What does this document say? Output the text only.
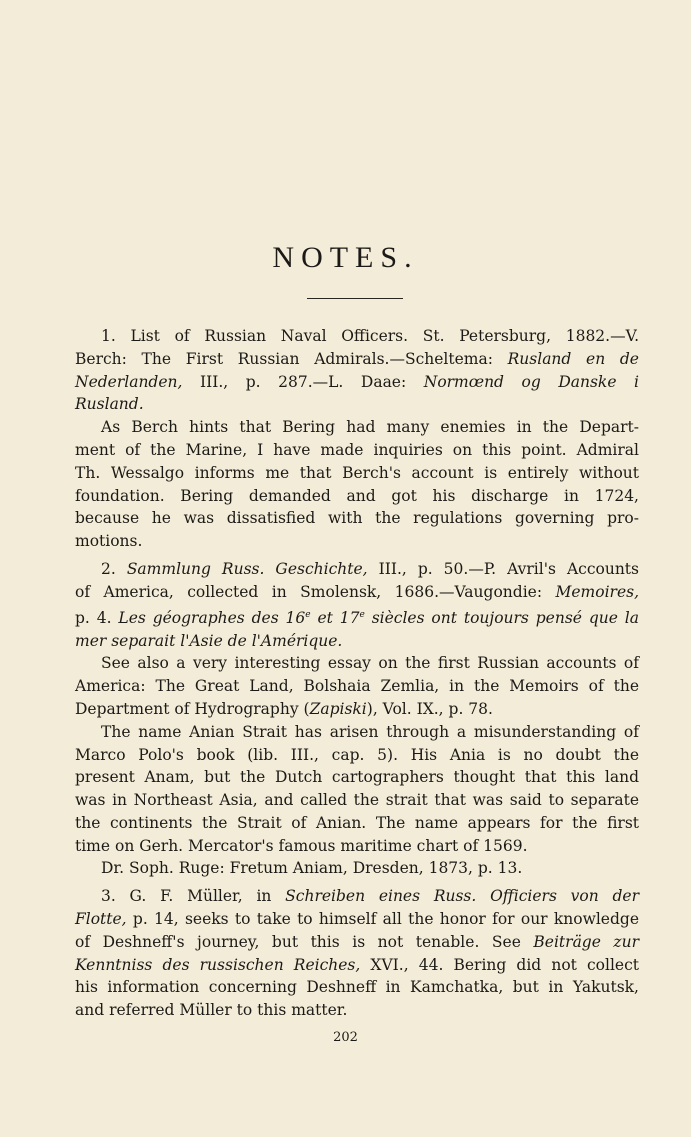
NOTES.
1. List of Russian Naval Officers. St. Petersburg, 1882.—V.
Berch: The First Russian Admirals.—Scheltema: Rusland en de
Nederlanden, III., p. 287.—L. Daae: Normœnd og Danske i
Rusland.
As Berch hints that Bering had many enemies in the Depart-
ment of the Marine, I have made inquiries on this point. Admiral
Th. Wessalgo informs me that Berch's account is entirely without
foundation. Bering demanded and got his discharge in 1724,
because he was dissatisfied with the regulations governing pro-
motions.
2. Sammlung Russ. Geschichte, III., p. 50.—P. Avril's Accounts
of America, collected in Smolensk, 1686.—Vaugondie: Memoires,
p. 4. Les géographes des 16e et 17e siècles ont toujours pensé que la
mer separait l'Asie de l'Amérique.
See also a very interesting essay on the first Russian accounts of
America: The Great Land, Bolshaia Zemlia, in the Memoirs of the
Department of Hydrography (Zapiski), Vol. IX., p. 78.
The name Anian Strait has arisen through a misunderstanding of
Marco Polo's book (lib. III., cap. 5). His Ania is no doubt the
present Anam, but the Dutch cartographers thought that this land
was in Northeast Asia, and called the strait that was said to separate
the continents the Strait of Anian. The name appears for the first
time on Gerh. Mercator's famous maritime chart of 1569.
Dr. Soph. Ruge: Fretum Aniam, Dresden, 1873, p. 13.
3. G. F. Müller, in Schreiben eines Russ. Officiers von der
Flotte, p. 14, seeks to take to himself all the honor for our knowledge
of Deshneff's journey, but this is not tenable. See Beiträge zur
Kenntniss des russischen Reiches, XVI., 44. Bering did not collect
his information concerning Deshneff in Kamchatka, but in Yakutsk,
and referred Müller to this matter.
202
